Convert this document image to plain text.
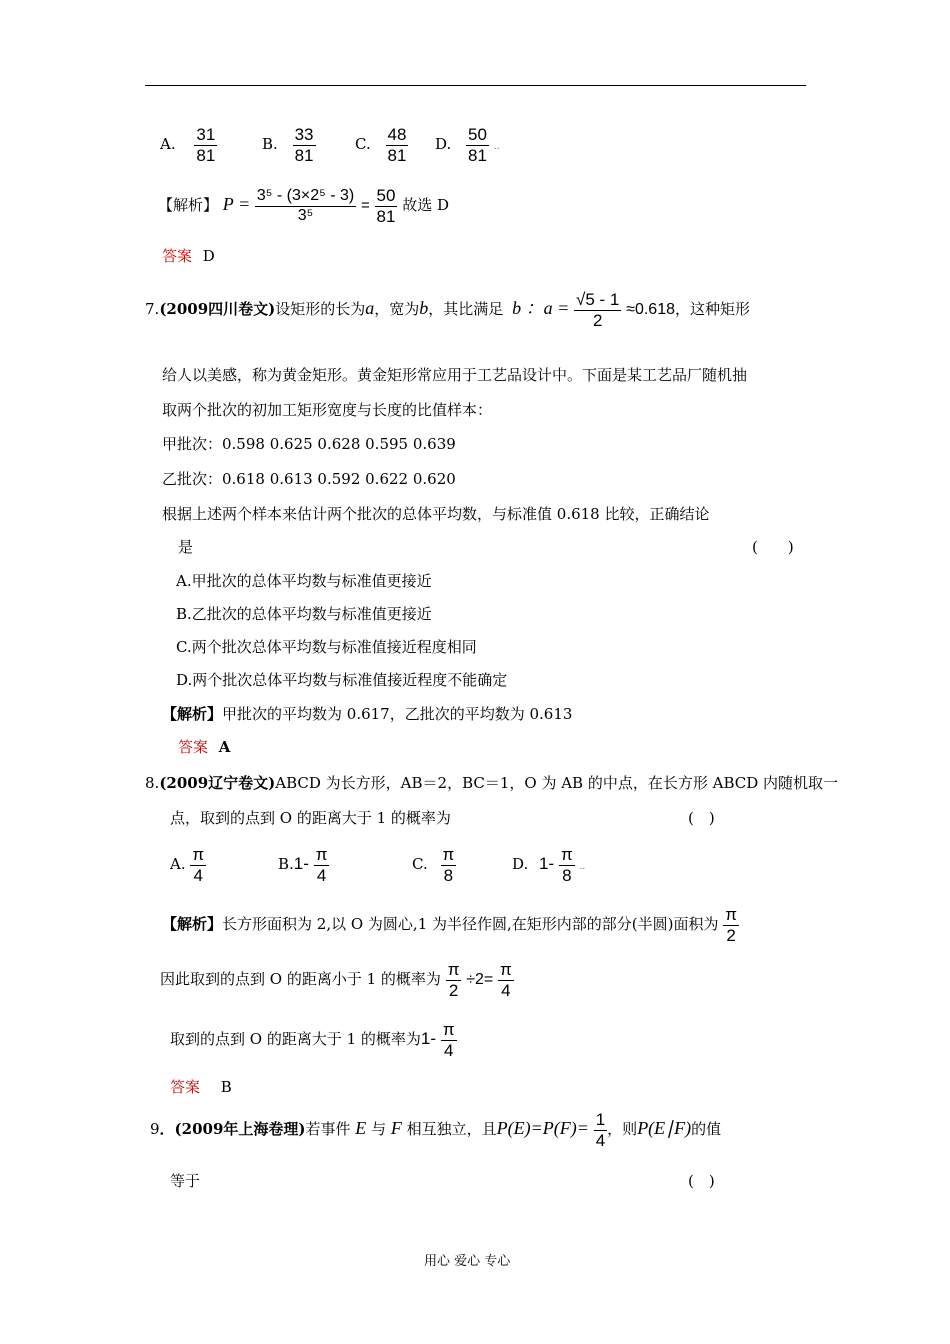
A. $\frac{31}{81}$	B. $\frac{33}{81}$	C. $\frac{48}{81} D$. $\frac{50}{81}$ ..
【解析】 $P = \frac{\text{3⁵ - (3×2⁵ - 3)}}{\text{3⁵}} = \frac{50}{81}$ 故选 D
答案 D
7.(2009四川卷文)设矩形的长为a，宽为b，其比满足 b ：$a = \frac{√5 - 1}{2} \approx 0.618$，这种矩形
给人以美感，称为黄金矩形。黄金矩形常应用于工艺品设计中。下面是某工艺品厂随机抽
取两个批次的初加工矩形宽度与长度的比值样本：
甲批次：0.598 0.625 0.628 0.595 0.639
乙批次：0.618 0.613 0.592 0.622 0.620
根据上述两个样本来估计两个批次的总体平均数，与标准值 0.618 比较，正确结论
是	(　　)
A.甲批次的总体平均数与标准值更接近
B.乙批次的总体平均数与标准值更接近
C.两个批次总体平均数与标准值接近程度相同
D.两个批次总体平均数与标准值接近程度不能确定
【解析】甲批次的平均数为 0.617，乙批次的平均数为 0.613
答案 A
8.(2009辽宁卷文)ABCD 为长方形，AB＝2，BC＝1，O 为 AB 的中点，在长方形 ABCD 内随机取一
点，取到的点到 O 的距离大于 1 的概率为	(　)
A. $\frac{\pi}{4}$	$B.1- \frac{\pi}{4}$	C. $\frac{\pi}{8}$	D. $1- \frac{\pi}{8}$ ..
【解析】长方形面积为 2,以 O 为圆心,1 为半径作圆,在矩形内部的部分(半圆)面积为 $\frac{\pi}{2}$
因此取到的点到 O 的距离小于 1 的概率为 $\frac{\pi}{2} \div 2= \frac{\pi}{4}$
取到的点到 O 的距离大于 1 的概率为$1- \frac{\pi}{4}$
答案 B
9．(2009年上海卷理)若事件 E 与 F 相互独立，且$P(E)=P(F)= \frac{1}{4}$ ，则P(E∣F)的值
等于	(　)
用心 爱心 专心
